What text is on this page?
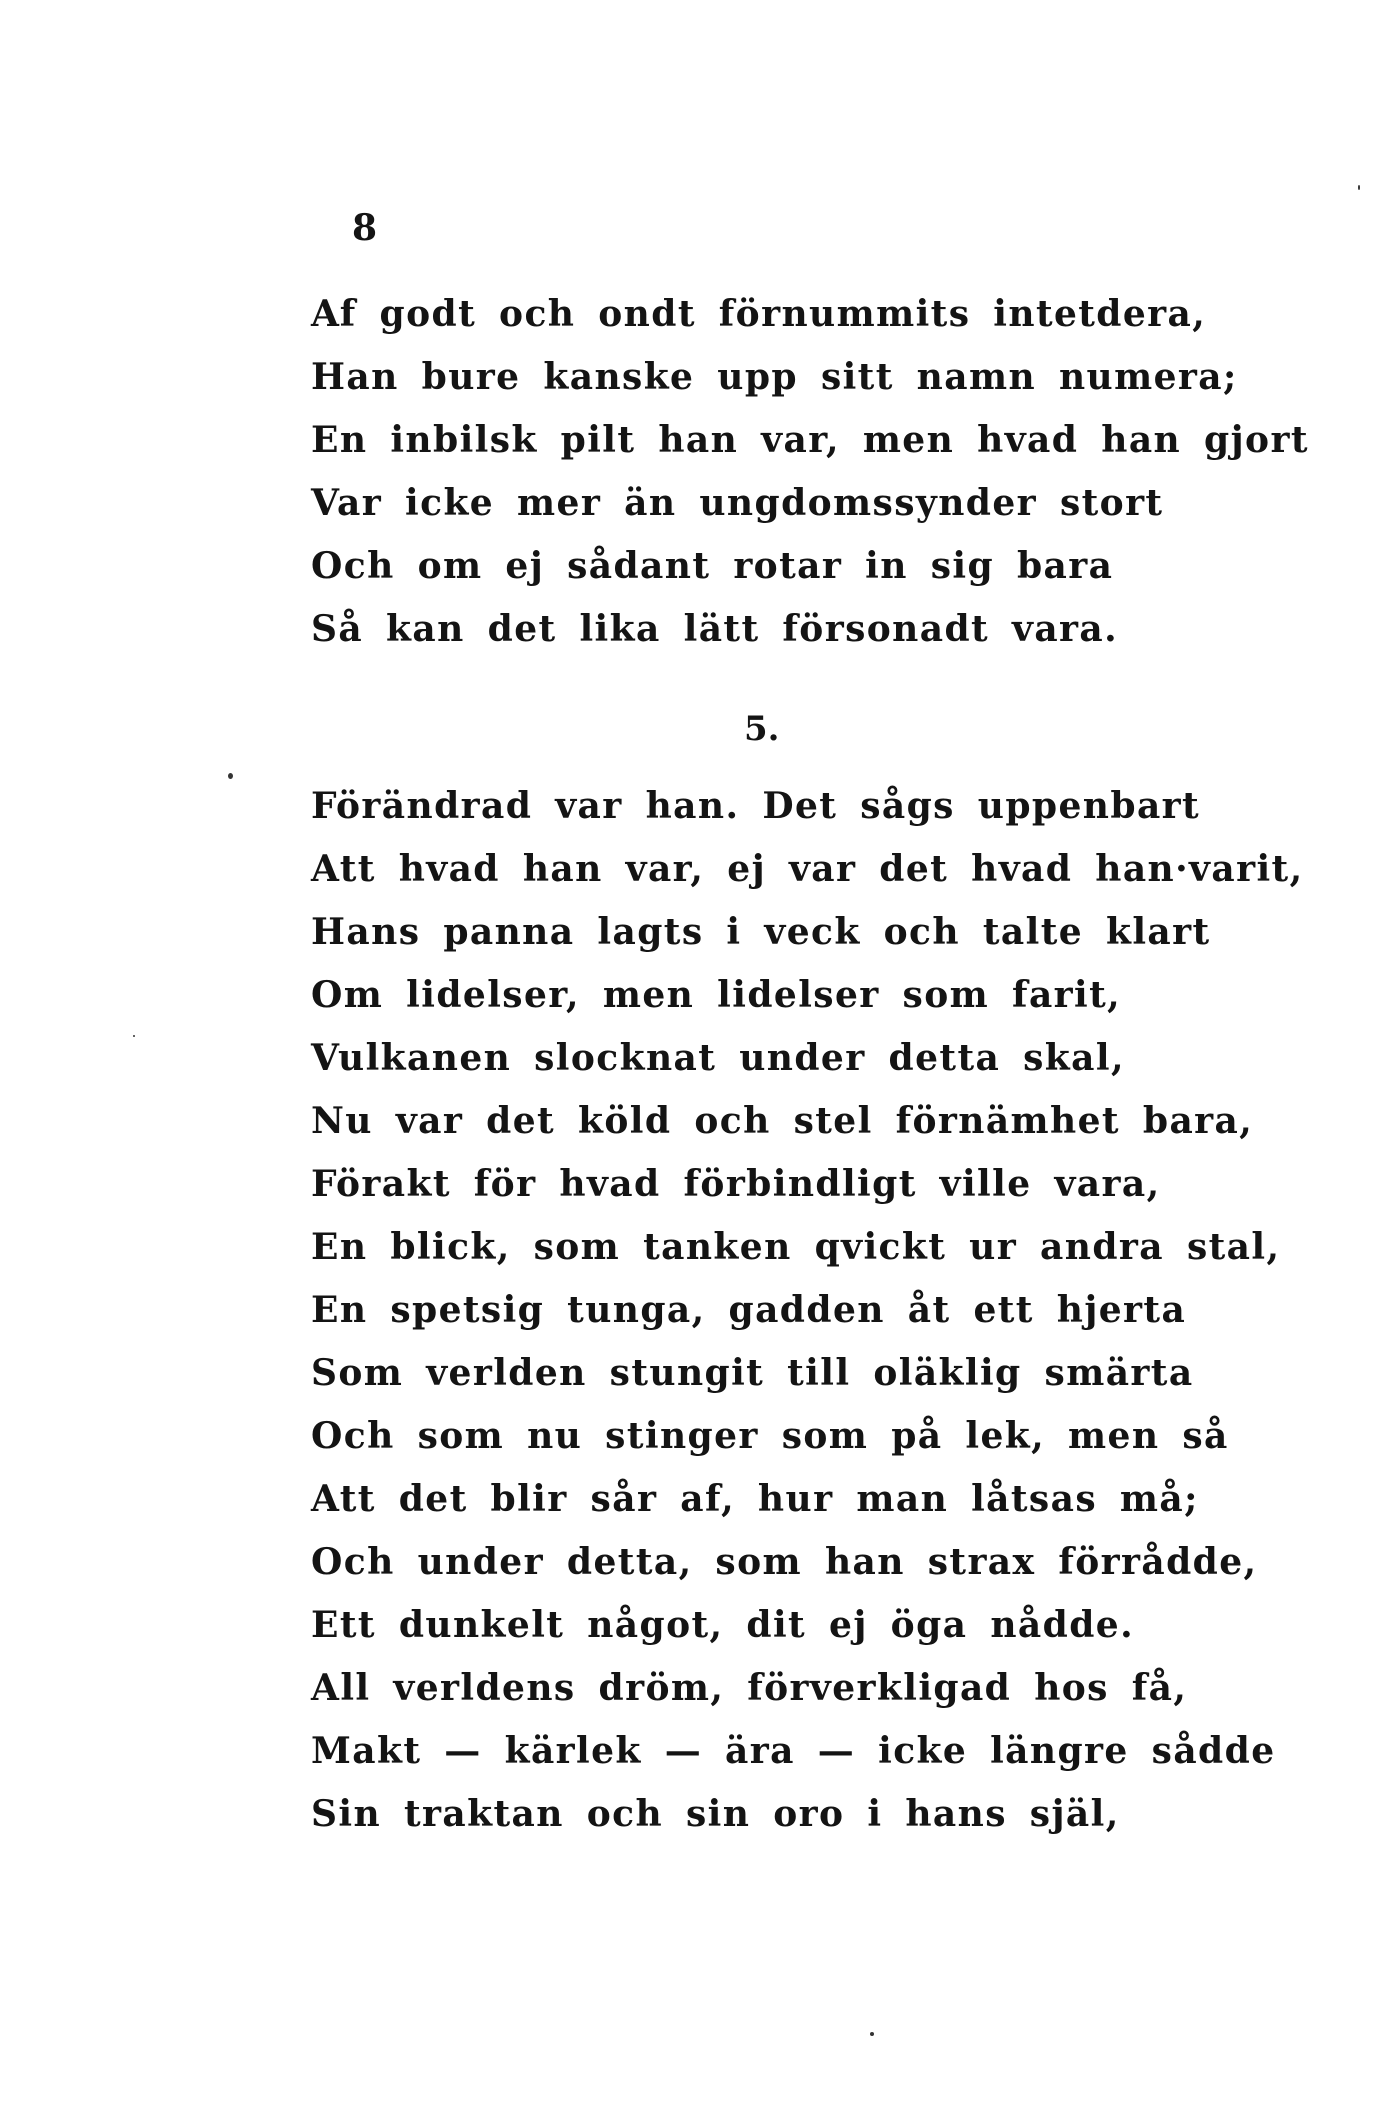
8
Af godt och ondt förnummits intetdera,
Han bure kanske upp sitt namn numera;
En inbilsk pilt han var, men hvad han gjort
Var icke mer än ungdomssynder stort
Och om ej sådant rotar in sig bara
Så kan det lika lätt försonadt vara.
5.
Förändrad var han. Det sågs uppenbart
Att hvad han var, ej var det hvad han·varit,
Hans panna lagts i veck och talte klart
Om lidelser, men lidelser som farit,
Vulkanen slocknat under detta skal,
Nu var det köld och stel förnämhet bara,
Förakt för hvad förbindligt ville vara,
En blick, som tanken qvickt ur andra stal,
En spetsig tunga, gadden åt ett hjerta
Som verlden stungit till oläklig smärta
Och som nu stinger som på lek, men så
Att det blir sår af, hur man låtsas må;
Och under detta, som han strax förrådde,
Ett dunkelt något, dit ej öga nådde.
All verldens dröm, förverkligad hos få,
Makt — kärlek — ära — icke längre sådde
Sin traktan och sin oro i hans själ,
